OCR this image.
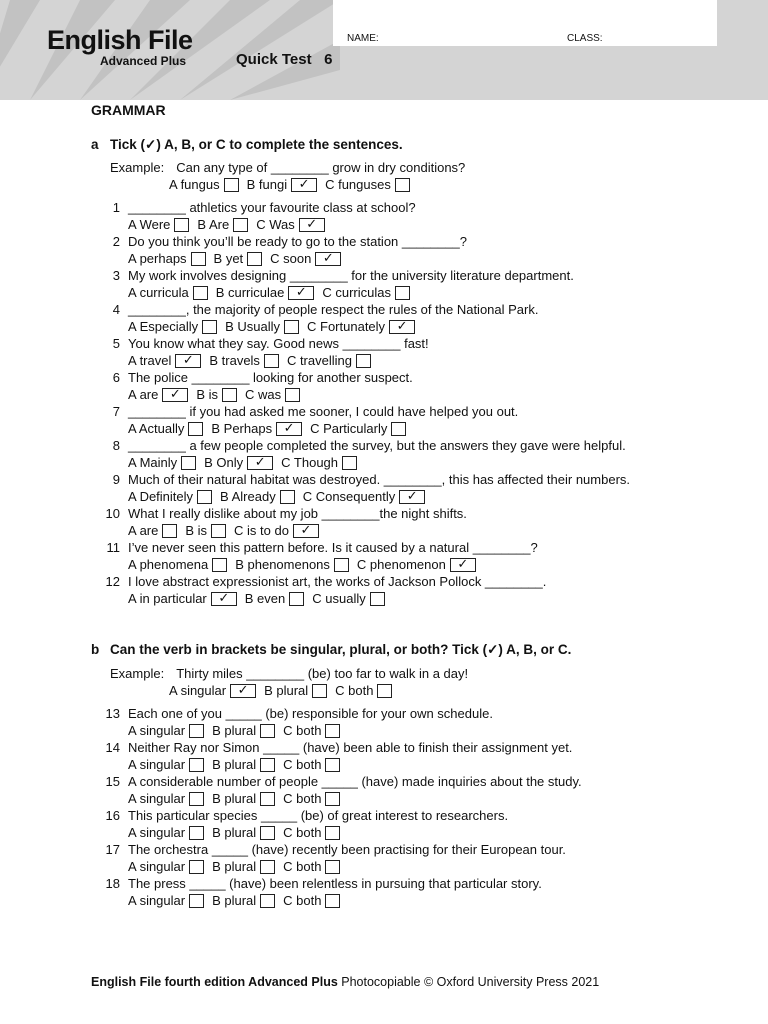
English File
Advanced Plus	Quick Test   6
NAME:	CLASS:
GRAMMAR
a Tick (✓) A, B, or C to complete the sentences.
Example: Can any type of ________ grow in dry conditions?
A fungus B fungi ✓	C funguses
1 ________ athletics your favourite class at school?
A Were B Are C Was ✓
2 Do you think you’ll be ready to go to the station ________?
A perhaps B yet C soon ✓
3 My work involves designing ________ for the university literature department.
A curricula B curriculae ✓	C curriculas
4 ________, the majority of people respect the rules of the National Park.
A Especially B Usually C Fortunately ✓
5 You know what they say. Good news ________ fast!
A travel ✓	B travels C travelling
6 The police ________ looking for another suspect.
A are ✓	B is C was
7 ________ if you had asked me sooner, I could have helped you out.
A Actually B Perhaps ✓	C Particularly
8 ________ a few people completed the survey, but the answers they gave were helpful.
A Mainly B Only ✓	C Though
9 Much of their natural habitat was destroyed. ________, this has affected their numbers.
A Definitely B Already C Consequently ✓
10 What I really dislike about my job ________the night shifts.
A are B is C is to do ✓
11 I’ve never seen this pattern before. Is it caused by a natural ________?
A phenomena B phenomenons C phenomenon ✓
12 I love abstract expressionist art, the works of Jackson Pollock ________.
A in particular ✓	B even C usually
b Can the verb in brackets be singular, plural, or both? Tick (✓) A, B, or C.
Example: Thirty miles ________ (be) too far to walk in a day!
A singular ✓	B plural C both
13 Each one of you _____ (be) responsible for your own schedule.
A singular B plural C both
14 Neither Ray nor Simon _____ (have) been able to finish their assignment yet.
A singular B plural C both
15 A considerable number of people _____ (have) made inquiries about the study.
A singular B plural C both
16 This particular species _____ (be) of great interest to researchers.
A singular B plural C both
17 The orchestra _____ (have) recently been practising for their European tour.
A singular B plural C both
18 The press _____ (have) been relentless in pursuing that particular story.
A singular B plural C both
English File fourth edition Advanced Plus Photocopiable © Oxford University Press 2021
